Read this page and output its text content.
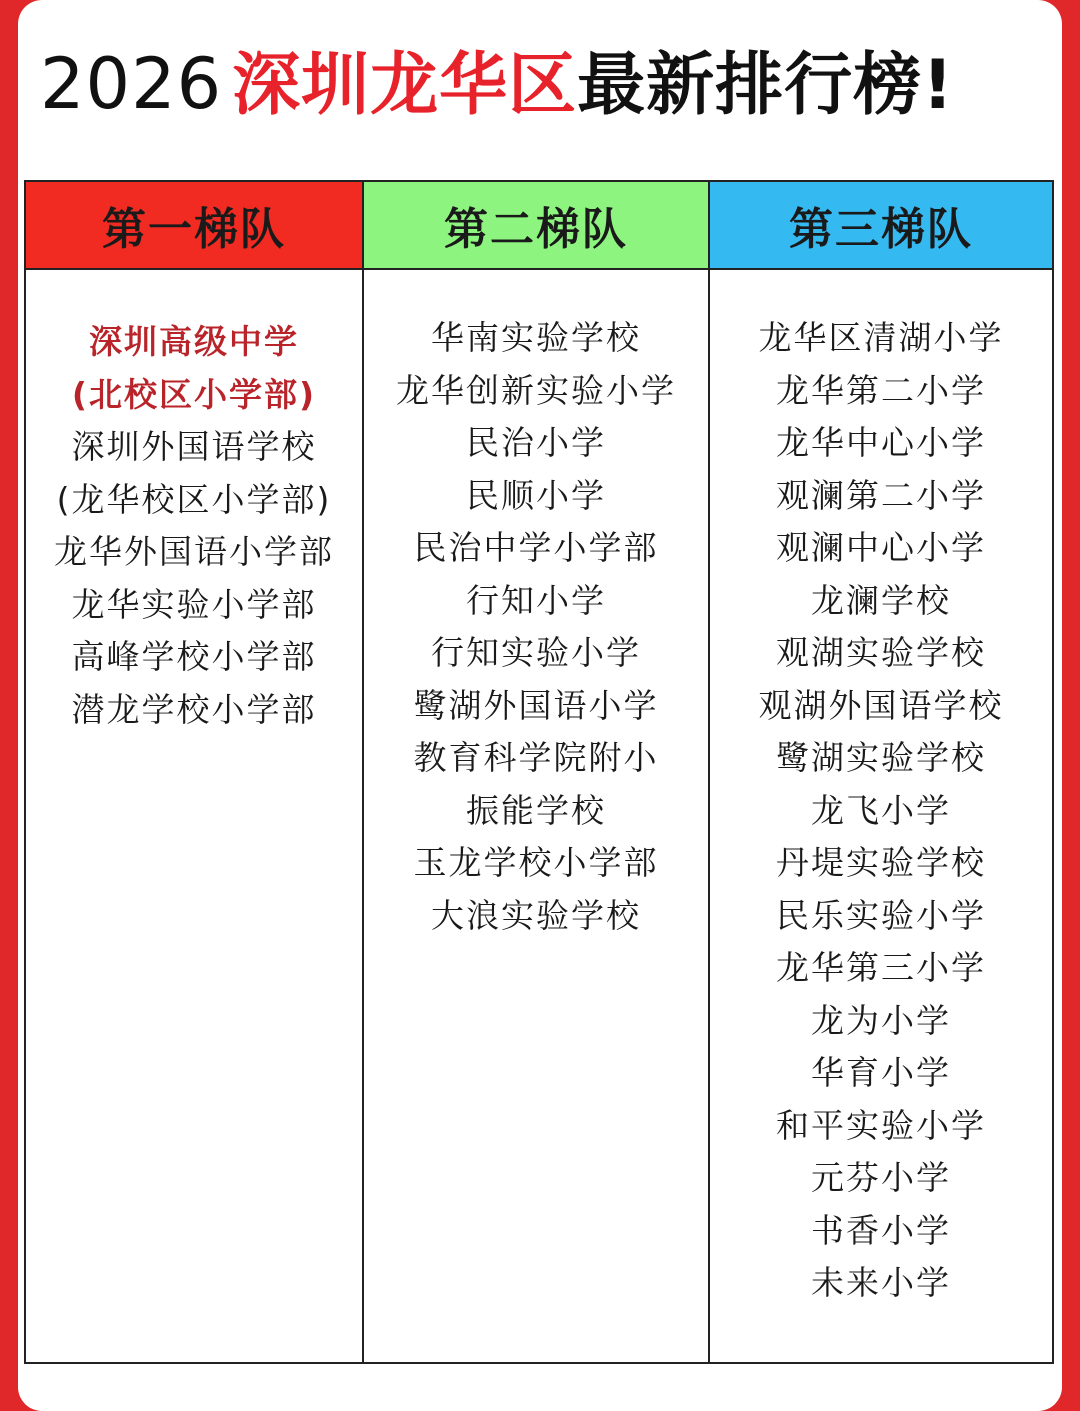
2026 深圳龙华区最新排行榜!
第一梯队
深圳高级中学
(北校区小学部)
深圳外国语学校
(龙华校区小学部)
龙华外国语小学部
龙华实验小学部
高峰学校小学部
潜龙学校小学部
第二梯队
华南实验学校
龙华创新实验小学
民治小学
民顺小学
民治中学小学部
行知小学
行知实验小学
鹭湖外国语小学
教育科学院附小
振能学校
玉龙学校小学部
大浪实验学校
第三梯队
龙华区清湖小学
龙华第二小学
龙华中心小学
观澜第二小学
观澜中心小学
龙澜学校
观湖实验学校
观湖外国语学校
鹭湖实验学校
龙飞小学
丹堤实验学校
民乐实验小学
龙华第三小学
龙为小学
华育小学
和平实验小学
元芬小学
书香小学
未来小学
